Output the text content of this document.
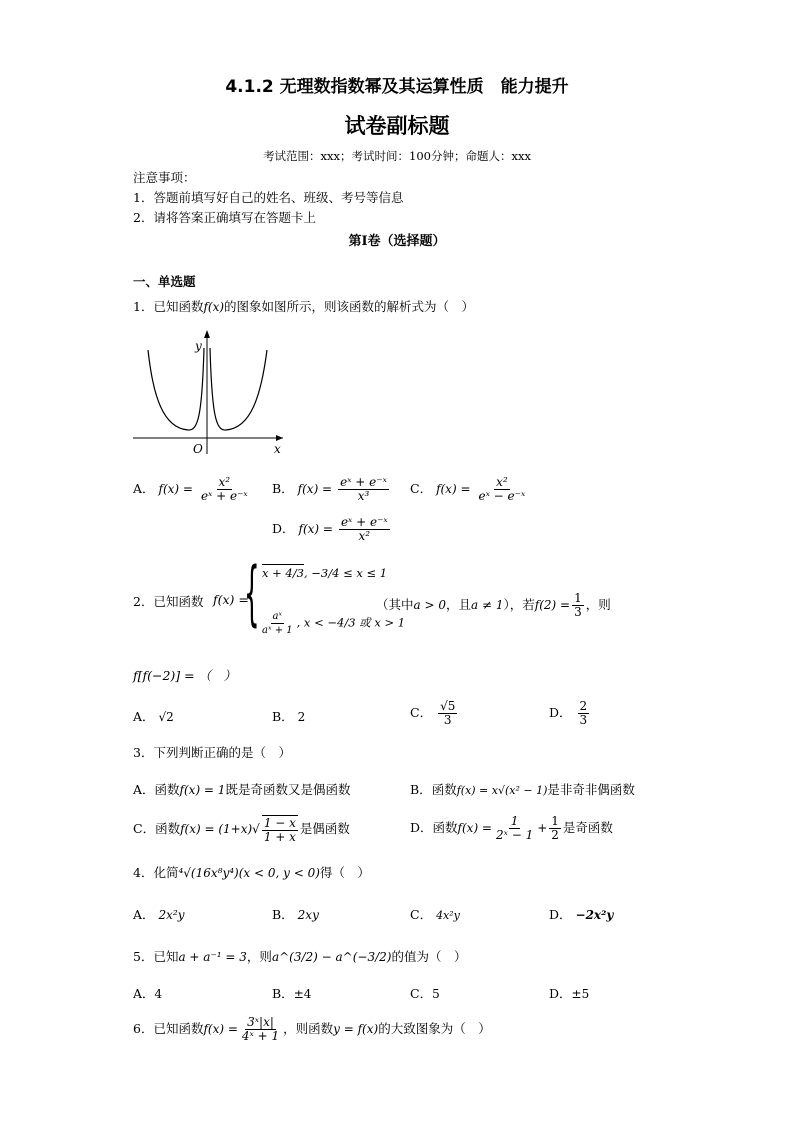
4.1.2 无理数指数幂及其运算性质　能力提升
试卷副标题
考试范围：xxx；考试时间：100分钟；命题人：xxx
注意事项：
1．答题前填写好自己的姓名、班级、考号等信息
2．请将答案正确填写在答题卡上
第I卷（选择题）
一、单选题
1．已知函数f(x)的图象如图所示，则该函数的解析式为（　）
y
x
O
A． $f(x) = \frac{\text{x²}}{\text{eˣ + e⁻ˣ}}$ B． $f(x) = \frac{\text{eˣ + e⁻ˣ}}{\text{x³}}$ C． $f(x) = \frac{\text{x²}}{\text{eˣ − e⁻ˣ}}$
D． $f(x) = \frac{\text{eˣ + e⁻ˣ}}{\text{x²}}$
2．已知函数 f(x) =
{ x + 4/3, −3/4 ≤ x ≤ 1
$\frac{\text{aˣ}}{\text{aˣ + 1}}$ , x < −4/3 或 x > 1
（其中a > 0，且a ≠ 1），若$f(2) = \frac{1}{3}$ ，则
f[f(−2)] = （　）
A． √2	B． 2	C． $\frac{√5}{3}$	D． $\frac{2}{3}$
3．下列判断正确的是（　）
A．函数f(x) = 1既是奇函数又是偶函数	B．函数f(x) = x√(x² − 1)是非奇非偶函数
C．函数$f(x) = (1+x)√ \frac{1 - x}{1 + x}$ 是偶函数	D．函数$f(x) = \frac{1}{\text{2ˣ − 1}} + \frac{1}{2}$ 是奇函数
4．化简⁴√(16x⁸y⁴)(x < 0, y < 0)得（　）
A． 2x²y	B． 2xy	C． 4x²y	D． −2x²y
5．已知a + a⁻¹ = 3，则a^(3/2) − a^(−3/2)的值为（　）
A．4	B．±4	C．5	D．±5
6．已知函数$f(x) = \frac{\text{3ˣ|x|}}{\text{4ˣ + 1}}$ ，则函数y = f(x)的大致图象为（　）
